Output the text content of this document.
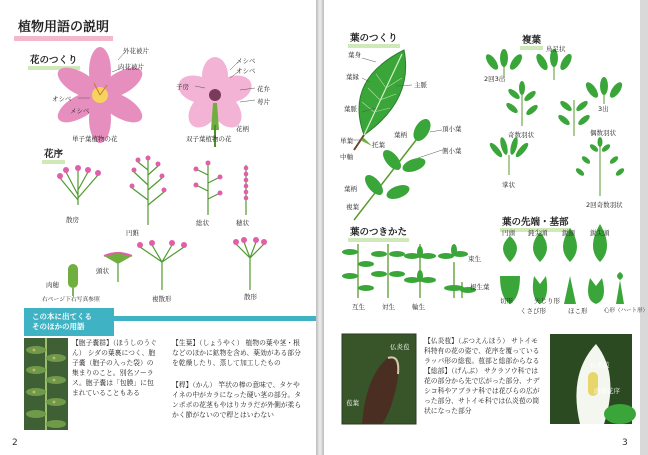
植物用語の説明
花のつくり
外花被片
内花被片
オシベ
メシベ
メシベ
オシベ
子房	花弁
萼片
花柄
単子葉植物の花	双子葉植物の花
花序
散房
円錐
総状	穂状
複散形	散形
肉穂
頭状
右ページ下右写真参照
この本に出てくる
そのほかの用語
【胞子嚢群】（ほうしのうぐん） シダの葉裏につく、胞子嚢（胞子の入った袋）の集まりのこと。別名ソーラス。胞子嚢は「包膜」に包まれていることもある
【生葉】（しょうやく） 植物の葉や茎・根などのほかに鉱物を含め、薬効がある部分を乾燥したり、蒸して加工したもの
【稈】（かん） 竿状の棒の意味で、タケやイネの中がカラになった硬い茎の部分。タンポポの花茎もやはりカラだが外側が柔らかく節がないので稈とはいわない
2
葉のつくり
葉身
葉縁
主脈
葉脈
葉柄
托葉
単葉
頂小葉
中軸
側小葉
葉柄
複葉
複葉
鳥足状
2回3出
3出
奇数羽状	偶数羽状
2回奇数羽状
掌状
葉のつきかた
互生	対生	輪生
束生
根生葉
葉の先端・基部
円頭 鈍尖頭 鋭頭 鋭尖頭
切形	矢じり形
くさび形	ほこ形	心形（ハート形）
仏炎苞
苞葉
【仏炎苞】（ぶつえんほう） サトイモ科特有の花の姿で、花序を覆っているラッパ形の総苞。苞部と総部からなる 【総部】（げんぶ） サクラソウ科では花の部分から先で広がった部分、ナデシコ科やアブラナ科では花びらの広がった部分、サトイモ科では仏炎苞の筒状になった部分
仏炎苞
肉穂花序
3
